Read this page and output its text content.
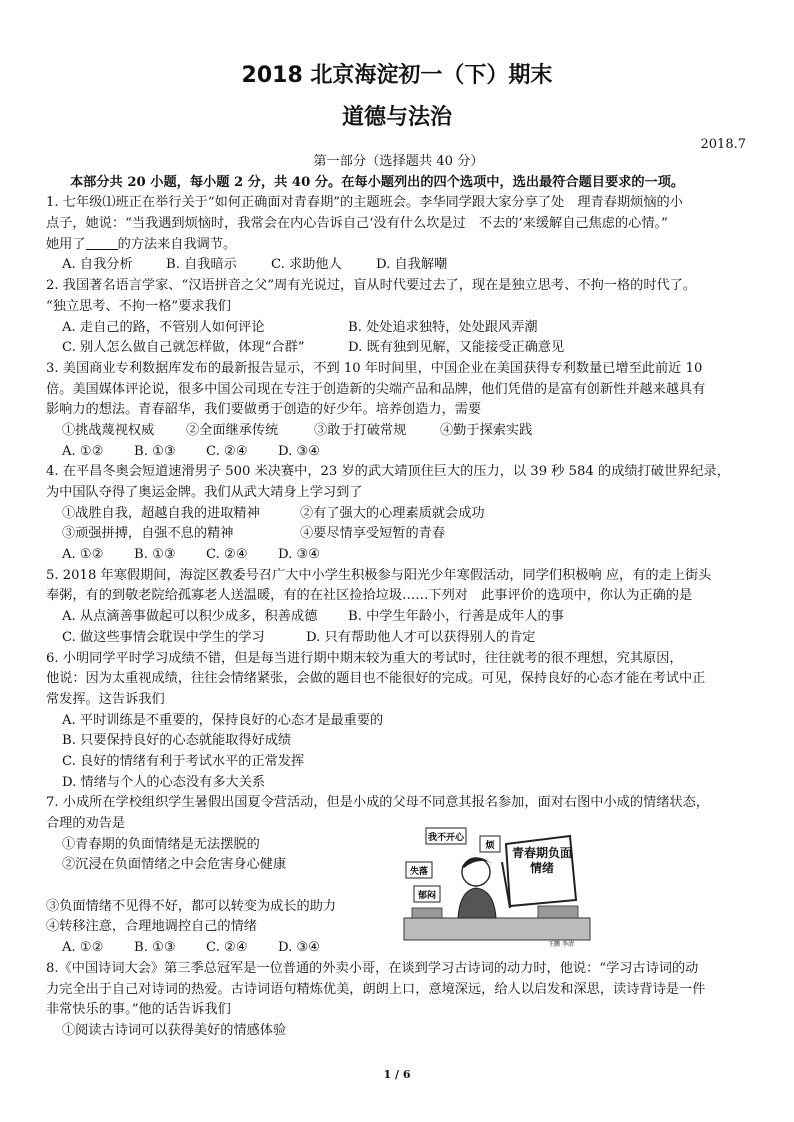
2018 北京海淀初一（下）期末
道德与法治
2018.7
第一部分（选择题共 40 分）
本部分共 20 小题，每小题 2 分，共 40 分。在每小题列出的四个选项中，选出最符合题目要求的一项。
1. 七年级⑴班正在举行关于“如何正确面对青春期”的主题班会。李华同学跟大家分享了处　理青春期烦恼的小
点子，她说：“当我遇到烦恼时，我常会在内心告诉自己‘没有什么坎是过　不去的’来缓解自己焦虑的心情。”
她用了 的方法来自我调节。
A. 自我分析	B. 自我暗示	C. 求助他人	D. 自我解嘲
2. 我国著名语言学家、“汉语拼音之父”周有光说过，盲从时代要过去了，现在是独立思考、不拘一格的时代了。
“独立思考、不拘一格”要求我们
A. 走自己的路，不管别人如何评论	B. 处处追求独特，处处跟风弄潮
C. 别人怎么做自己就怎样做，体现“合群”	D. 既有独到见解，又能接受正确意见
3. 美国商业专利数据库发布的最新报告显示，不到 10 年时间里，中国企业在美国获得专利数量已增至此前近 10
倍。美国媒体评论说，很多中国公司现在专注于创造新的尖端产品和品牌，他们凭借的是富有创新性并越来越具有
影响力的想法。青春韶华，我们要做勇于创造的好少年。培养创造力，需要
①挑战蔑视权威 ②全面继承传统	③敢于打破常规	④勤于探索实践
A. ①② B. ①③ C. ②④ D. ③④
4. 在平昌冬奥会短道速滑男子 500 米决赛中，23 岁的武大靖顶住巨大的压力，以 39 秒 584 的成绩打破世界纪录，
为中国队夺得了奥运金牌。我们从武大靖身上学习到了
①战胜自我，超越自我的进取精神	②有了强大的心理素质就会成功
③顽强拼搏，自强不息的精神	④要尽情享受短暂的青春
A. ①② B. ①③ C. ②④ D. ③④
5. 2018 年寒假期间，海淀区教委号召广大中小学生积极参与阳光少年寒假活动，同学们积极响 应，有的走上街头
奉粥，有的到敬老院给孤寡老人送温暖，有的在社区捡拾垃圾……下列对　此事评价的选项中，你认为正确的是
A. 从点滴善事做起可以积少成多，积善成德 B. 中学生年龄小，行善是成年人的事
C. 做这些事情会耽误中学生的学习	D. 只有帮助他人才可以获得别人的肯定
6. 小明同学平时学习成绩不错，但是每当进行期中期末较为重大的考试时，往往就考的很不理想，究其原因，
他说：因为太重视成绩，往往会情绪紧张，会做的题目也不能很好的完成。可见，保持良好的心态才能在考试中正
常发挥。这告诉我们
A. 平时训练是不重要的，保持良好的心态才是最重要的
B. 只要保持良好的心态就能取得好成绩
C. 良好的情绪有利于考试水平的正常发挥
D. 情绪与个人的心态没有多大关系
7. 小成所在学校组织学生暑假出国夏令营活动，但是小成的父母不同意其报名参加，面对右图中小成的情绪状态，
合理的劝告是
①青春期的负面情绪是无法摆脱的
②沉浸在负面情绪之中会危害身心健康
③负面情绪不见得不好，都可以转变为成长的助力
④转移注意，合理地调控自己的情绪
A. ①② B. ①③ C. ②④ D. ③④
8.《中国诗词大会》第三季总冠军是一位普通的外卖小哥，在谈到学习古诗词的动力时，他说：“学习古诗词的动
力完全出于自己对诗词的热爱。古诗词语句精炼优美，朗朗上口，意境深远，给人以启发和深思，读诗背诗是一件
非常快乐的事。”他的话告诉我们
①阅读古诗词可以获得美好的情感体验
我不开心
失落
郁闷
烦 青春期负面情绪
王鹏 李清
1 / 6
